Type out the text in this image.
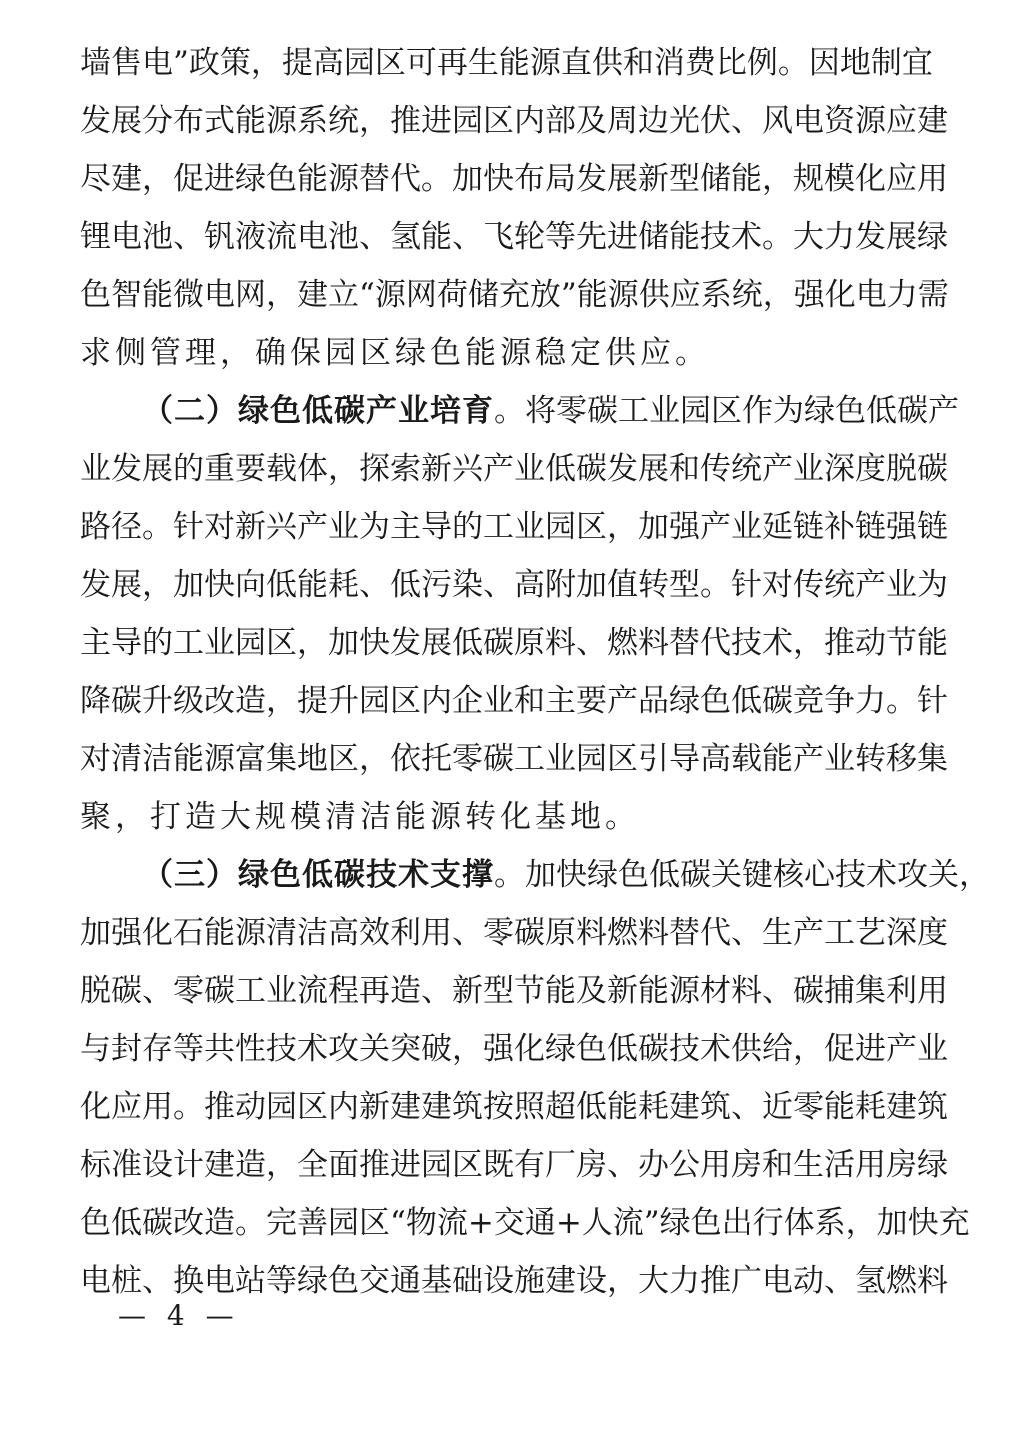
墙售电”政策，提高园区可再生能源直供和消费比例。因地制宜
发展分布式能源系统，推进园区内部及周边光伏、风电资源应建
尽建，促进绿色能源替代。加快布局发展新型储能，规模化应用
锂电池、钒液流电池、氢能、飞轮等先进储能技术。大力发展绿
色智能微电网，建立“源网荷储充放”能源供应系统，强化电力需
求侧管理，确保园区绿色能源稳定供应。
（二）绿色低碳产业培育。将零碳工业园区作为绿色低碳产
业发展的重要载体，探索新兴产业低碳发展和传统产业深度脱碳
路径。针对新兴产业为主导的工业园区，加强产业延链补链强链
发展，加快向低能耗、低污染、高附加值转型。针对传统产业为
主导的工业园区，加快发展低碳原料、燃料替代技术，推动节能
降碳升级改造，提升园区内企业和主要产品绿色低碳竞争力。针
对清洁能源富集地区，依托零碳工业园区引导高载能产业转移集
聚，打造大规模清洁能源转化基地。
（三）绿色低碳技术支撑。加快绿色低碳关键核心技术攻关，
加强化石能源清洁高效利用、零碳原料燃料替代、生产工艺深度
脱碳、零碳工业流程再造、新型节能及新能源材料、碳捕集利用
与封存等共性技术攻关突破，强化绿色低碳技术供给，促进产业
化应用。推动园区内新建建筑按照超低能耗建筑、近零能耗建筑
标准设计建造，全面推进园区既有厂房、办公用房和生活用房绿
色低碳改造。完善园区“物流+交通+人流”绿色出行体系，加快充
电桩、换电站等绿色交通基础设施建设，大力推广电动、氢燃料
— 4 —
